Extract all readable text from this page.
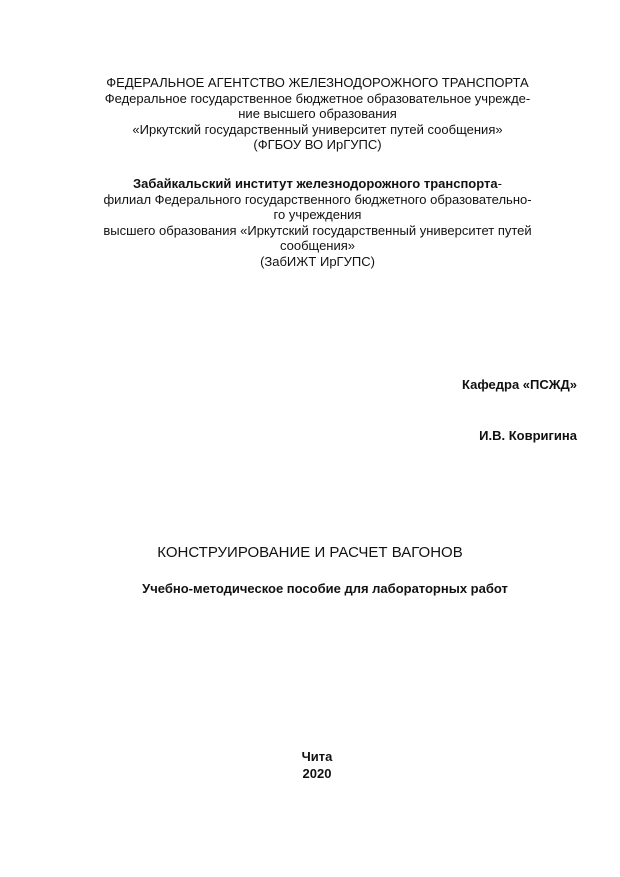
ФЕДЕРАЛЬНОЕ АГЕНТСТВО ЖЕЛЕЗНОДОРОЖНОГО ТРАНСПОРТА
Федеральное государственное бюджетное образовательное учрежде-
ние высшего образования
«Иркутский государственный университет путей сообщения»
(ФГБОУ ВО ИрГУПС)
Забайкальский институт железнодорожного транспорта-
филиал Федерального государственного бюджетного образовательно-
го учреждения
высшего образования «Иркутский государственный университет путей
сообщения»
(ЗабИЖТ ИрГУПС)
Кафедра «ПСЖД»
И.В. Ковригина
КОНСТРУИРОВАНИЕ И РАСЧЕТ ВАГОНОВ
Учебно-методическое пособие для лабораторных работ
Чита
2020
